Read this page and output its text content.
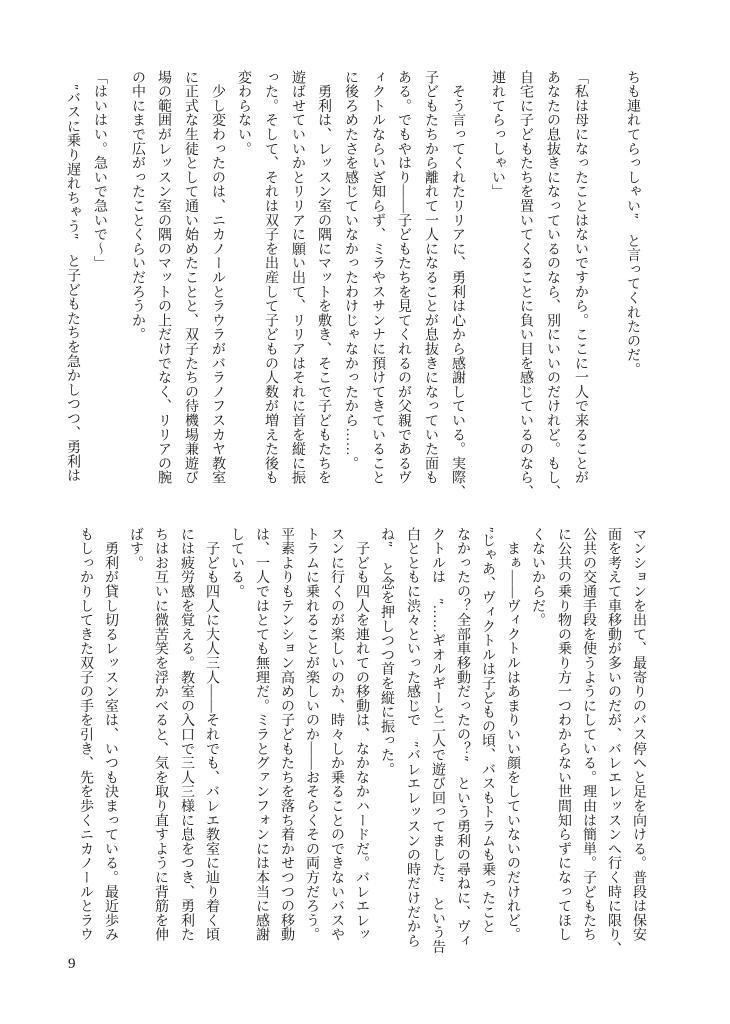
ちも連れてらっしゃい″　と言ってくれたのだ。
「私は母になったことはないですから。ここに一人で来ることが
あなたの息抜きになっているのなら、別にいいのだけれど。もし、
自宅に子どもたちを置いてくることに負い目を感じているのなら、
連れてらっしゃい」
　そう言ってくれたリリアに、勇利は心から感謝している。実際、
子どもたちから離れて一人になることが息抜きになっていた面も
ある。でもやはり――子どもたちを見てくれるのが父親であるヴ
ィクトルならいざ知らず、ミラやスサンナに預けてきていること
に後ろめたさを感じていなかったわけじゃなかったから……。
　勇利は、レッスン室の隅にマットを敷き、そこで子どもたちを
遊ばせていいかとリリアに願い出て、リリアはそれに首を縦に振
った。そして、それは双子を出産して子どもの人数が増えた後も
変わらない。
　少し変わったのは、ニカノールとラウラがバラノフスカヤ教室
に正式な生徒として通い始めたことと、双子たちの待機場兼遊び
場の範囲がレッスン室の隅のマットの上だけでなく、リリアの腕
の中にまで広がったことくらいだろうか。
「はいはい。急いで急いで〜」
　″バスに乗り遅れちゃう″　と子どもたちを急かしつつ、勇利は
マンションを出て、最寄りのバス停へと足を向ける。普段は保安
面を考えて車移動が多いのだが、バレエレッスンへ行く時に限り、
公共の交通手段を使うようにしている。理由は簡単。子どもたち
に公共の乗り物の乗り方一つわからない世間知らずになってほし
くないからだ。
　まぁ――ヴィクトルはあまりいい顔をしていないのだけれど。
″じゃあ、ヴィクトルは子どもの頃、バスもトラムも乗ったこと
なかったの？全部車移動だったの？″　という勇利の尋ねに、ヴィ
クトルは　″……ギオルギーと二人で遊び回ってました″　という告
白とともに渋々といった感じで　″バレエレッスンの時だけだから
ね″　と念を押しつつ首を縦に振った。
　子ども四人を連れての移動は、なかなかハードだ。バレエレッ
スンに行くのが楽しいのか、時々しか乗ることのできないバスや
トラムに乗れることが楽しいのか――おそらくその両方だろう。
平素よりもテンション高めの子どもたちを落ち着かせつつの移動
は、一人ではとても無理だ。ミラとグァンフォンには本当に感謝
している。
　子ども四人に大人三人――それでも、バレエ教室に辿り着く頃
には疲労感を覚える。教室の入口で三人三様に息をつき、勇利た
ちはお互いに微苦笑を浮かべると、気を取り直すように背筋を伸
ばす。
　勇利が貸し切るレッスン室は、いつも決まっている。最近歩み
もしっかりしてきた双子の手を引き、先を歩くニカノールとラウ
9
